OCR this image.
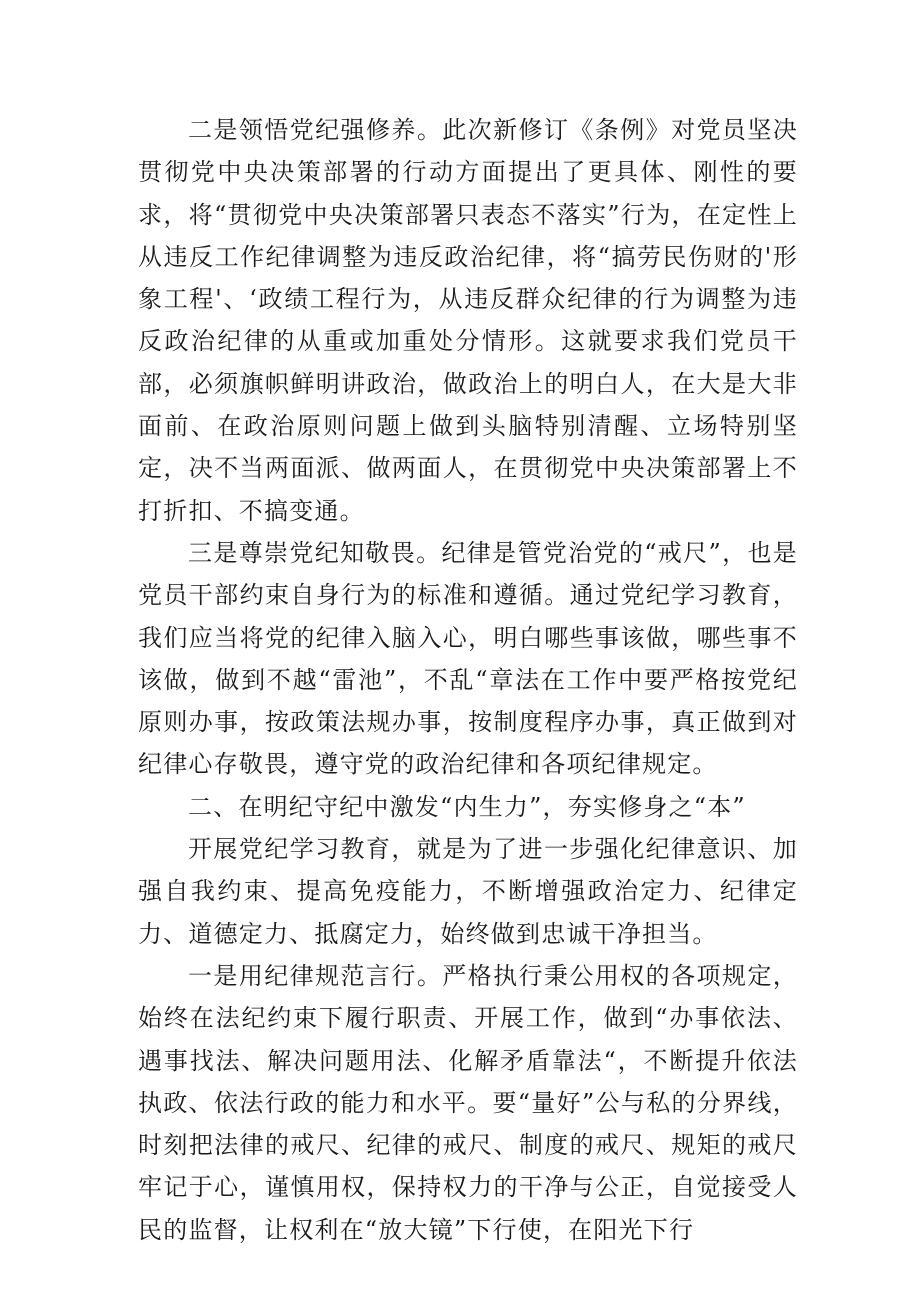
二是领悟党纪强修养。此次新修订《条例》对党员坚决贯彻党中央决策部署的行动方面提出了更具体、刚性的要求，将“贯彻党中央决策部署只表态不落实”行为，在定性上从违反工作纪律调整为违反政治纪律，将“搞劳民伤财的'形象工程'、‘政绩工程行为，从违反群众纪律的行为调整为违反政治纪律的从重或加重处分情形。这就要求我们党员干部，必须旗帜鲜明讲政治，做政治上的明白人，在大是大非面前、在政治原则问题上做到头脑特别清醒、立场特别坚定，决不当两面派、做两面人，在贯彻党中央决策部署上不打折扣、不搞变通。

三是尊崇党纪知敬畏。纪律是管党治党的“戒尺”，也是党员干部约束自身行为的标准和遵循。通过党纪学习教育，我们应当将党的纪律入脑入心，明白哪些事该做，哪些事不该做，做到不越“雷池”，不乱“章法在工作中要严格按党纪原则办事，按政策法规办事，按制度程序办事，真正做到对纪律心存敬畏，遵守党的政治纪律和各项纪律规定。

二、在明纪守纪中激发“内生力”，夯实修身之“本”

开展党纪学习教育，就是为了进一步强化纪律意识、加强自我约束、提高免疫能力，不断增强政治定力、纪律定力、道德定力、抵腐定力，始终做到忠诚干净担当。

一是用纪律规范言行。严格执行秉公用权的各项规定，始终在法纪约束下履行职责、开展工作，做到“办事依法、遇事找法、解决问题用法、化解矛盾靠法“，不断提升依法执政、依法行政的能力和水平。要“量好”公与私的分界线，时刻把法律的戒尺、纪律的戒尺、制度的戒尺、规矩的戒尺牢记于心，谨慎用权，保持权力的干净与公正，自觉接受人民的监督，让权利在“放大镜”下行使，在阳光下行
